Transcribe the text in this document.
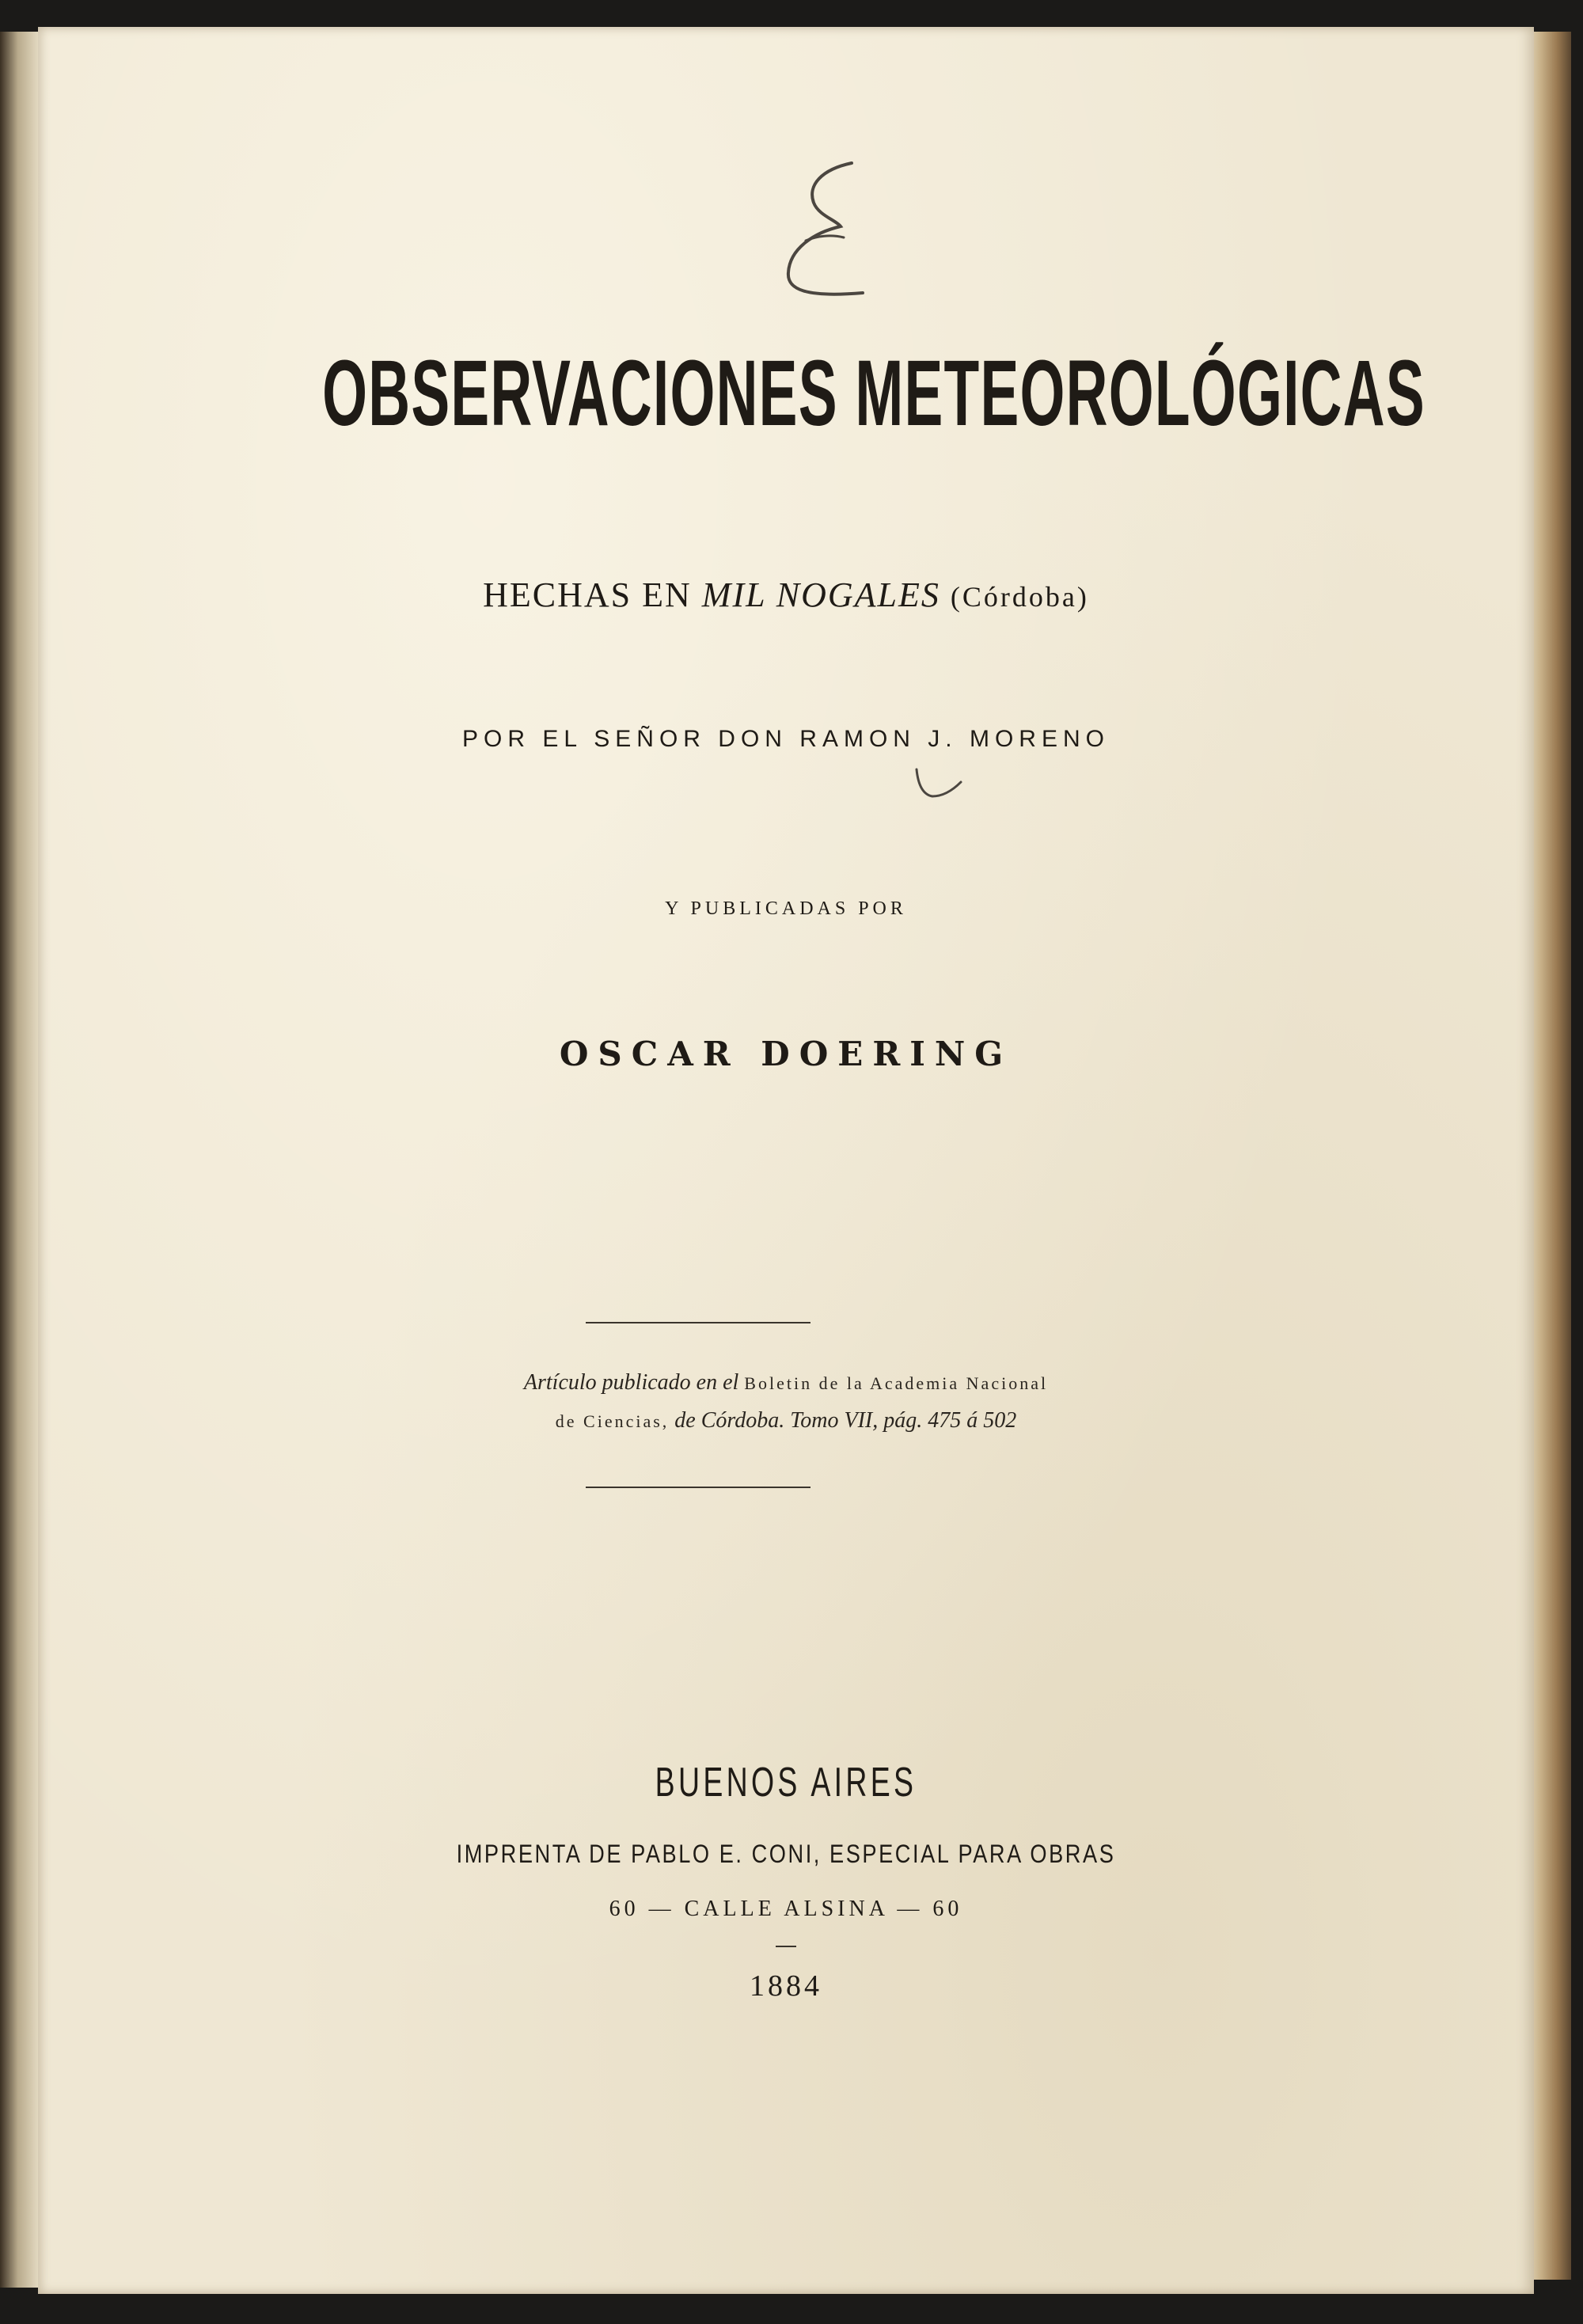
OBSERVACIONES METEOROLÓGICAS
HECHAS EN MIL NOGALES (Córdoba)
POR EL SEÑOR DON RAMON J. MORENO
Y PUBLICADAS POR
OSCAR DOERING
Artículo publicado en el Boletin de la Academia Nacional
de Ciencias, de Córdoba. Tomo VII, pág. 475 á 502
BUENOS AIRES
IMPRENTA DE PABLO E. CONI, ESPECIAL PARA OBRAS
60 — CALLE ALSINA — 60
1884
